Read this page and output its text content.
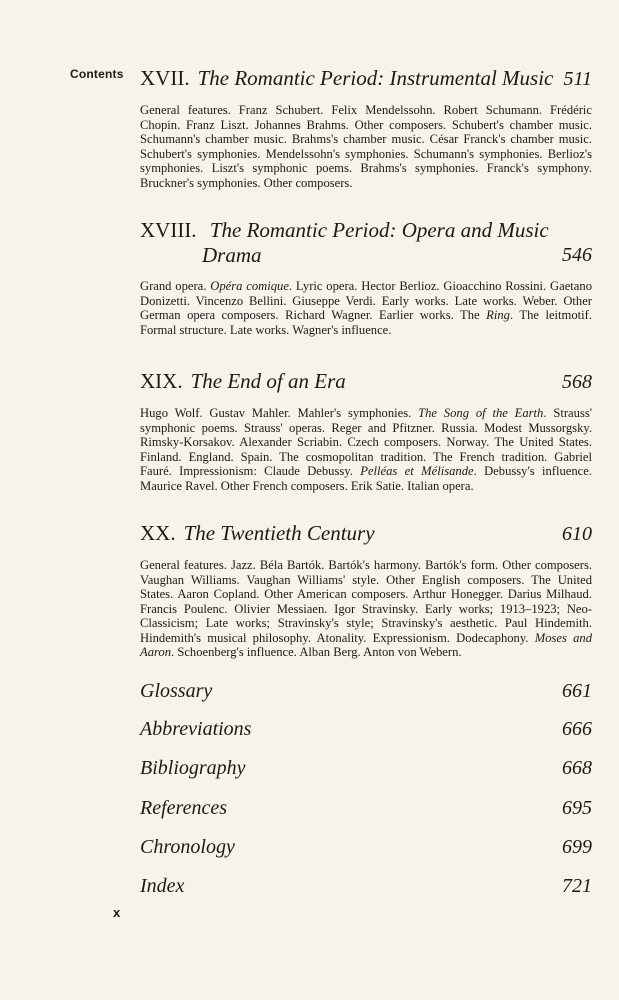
Contents XVII. The Romantic Period: Instrumental Music 511

General features. Franz Schubert. Felix Mendelssohn. Robert Schumann. Frédéric Chopin. Franz Liszt. Johannes Brahms. Other composers. Schubert's chamber music. Schumann's chamber music. Brahms's chamber music. César Franck's chamber music. Schubert's symphonies. Mendelssohn's symphonies. Schumann's symphonies. Berlioz's symphonies. Liszt's symphonic poems. Brahms's symphonies. Franck's symphony. Bruckner's symphonies. Other composers.

XVIII. The Romantic Period: Opera and Music
Drama	546

Grand opera. Opéra comique. Lyric opera. Hector Berlioz. Gioacchino Rossini. Gaetano Donizetti. Vincenzo Bellini. Giuseppe Verdi. Early works. Late works. Weber. Other German opera composers. Richard Wagner. Earlier works. The Ring. The leitmotif. Formal structure. Late works. Wagner's influence.

XIX. The End of an Era	568

Hugo Wolf. Gustav Mahler. Mahler's symphonies. The Song of the Earth. Strauss' symphonic poems. Strauss' operas. Reger and Pfitzner. Russia. Modest Mussorgsky. Rimsky-Korsakov. Alexander Scriabin. Czech composers. Norway. The United States. Finland. England. Spain. The cosmopolitan tradition. The French tradition. Gabriel Fauré. Impressionism: Claude Debussy. Pelléas et Mélisande. Debussy's influence. Maurice Ravel. Other French composers. Erik Satie. Italian opera.

XX. The Twentieth Century	610

General features. Jazz. Béla Bartók. Bartók's harmony. Bartók's form. Other composers. Vaughan Williams. Vaughan Williams' style. Other English composers. The United States. Aaron Copland. Other American composers. Arthur Honegger. Darius Milhaud. Francis Poulenc. Olivier Messiaen. Igor Stravinsky. Early works; 1913–1923; Neo-Classicism; Late works; Stravinsky's style; Stravinsky's aesthetic. Paul Hindemith. Hindemith's musical philosophy. Atonality. Expressionism. Dodecaphony. Moses and Aaron. Schoenberg's influence. Alban Berg. Anton von Webern.

Glossary	661
Abbreviations	666
Bibliography	668
References	695
Chronology	699
Index	721
x
